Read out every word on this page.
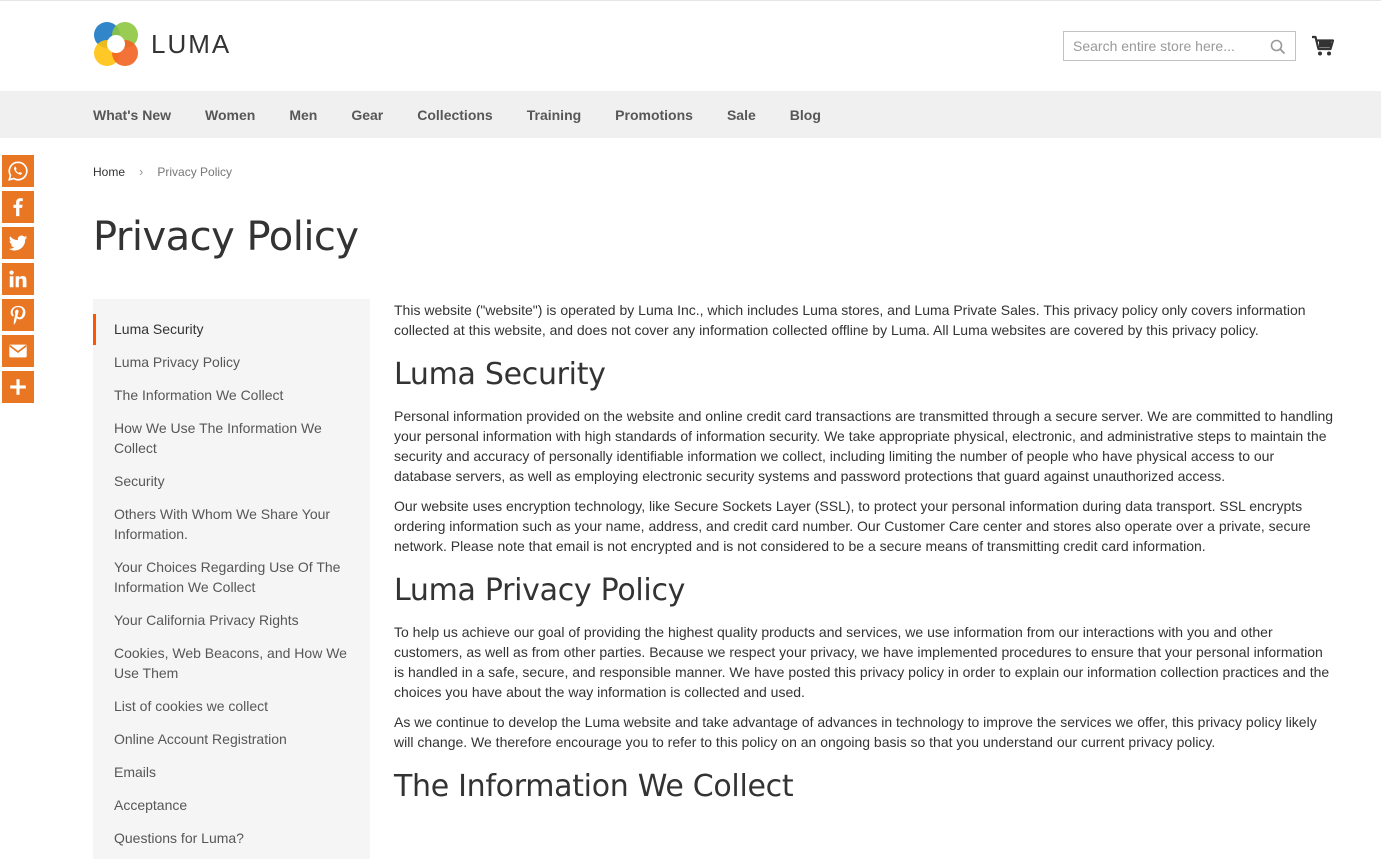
LUMA
Search entire store here...
What's New Women Men Gear Collections Training Promotions Sale Blog
Home › Privacy Policy
Privacy Policy
Luma Security
Luma Privacy Policy
The Information We Collect
How We Use The Information We Collect
Security
Others With Whom We Share Your Information.
Your Choices Regarding Use Of The Information We Collect
Your California Privacy Rights
Cookies, Web Beacons, and How We Use Them
List of cookies we collect
Online Account Registration
Emails
Acceptance
Questions for Luma?

This website ("website") is operated by Luma Inc., which includes Luma stores, and Luma Private Sales. This privacy policy only covers information collected at this website, and does not cover any information collected offline by Luma. All Luma websites are covered by this privacy policy.

Luma Security

Personal information provided on the website and online credit card transactions are transmitted through a secure server. We are committed to handling your personal information with high standards of information security. We take appropriate physical, electronic, and administrative steps to maintain the security and accuracy of personally identifiable information we collect, including limiting the number of people who have physical access to our database servers, as well as employing electronic security systems and password protections that guard against unauthorized access.

Our website uses encryption technology, like Secure Sockets Layer (SSL), to protect your personal information during data transport. SSL encrypts ordering information such as your name, address, and credit card number. Our Customer Care center and stores also operate over a private, secure network. Please note that email is not encrypted and is not considered to be a secure means of transmitting credit card information.

Luma Privacy Policy

To help us achieve our goal of providing the highest quality products and services, we use information from our interactions with you and other customers, as well as from other parties. Because we respect your privacy, we have implemented procedures to ensure that your personal information is handled in a safe, secure, and responsible manner. We have posted this privacy policy in order to explain our information collection practices and the choices you have about the way information is collected and used.

As we continue to develop the Luma website and take advantage of advances in technology to improve the services we offer, this privacy policy likely will change. We therefore encourage you to refer to this policy on an ongoing basis so that you understand our current privacy policy.

The Information We Collect
